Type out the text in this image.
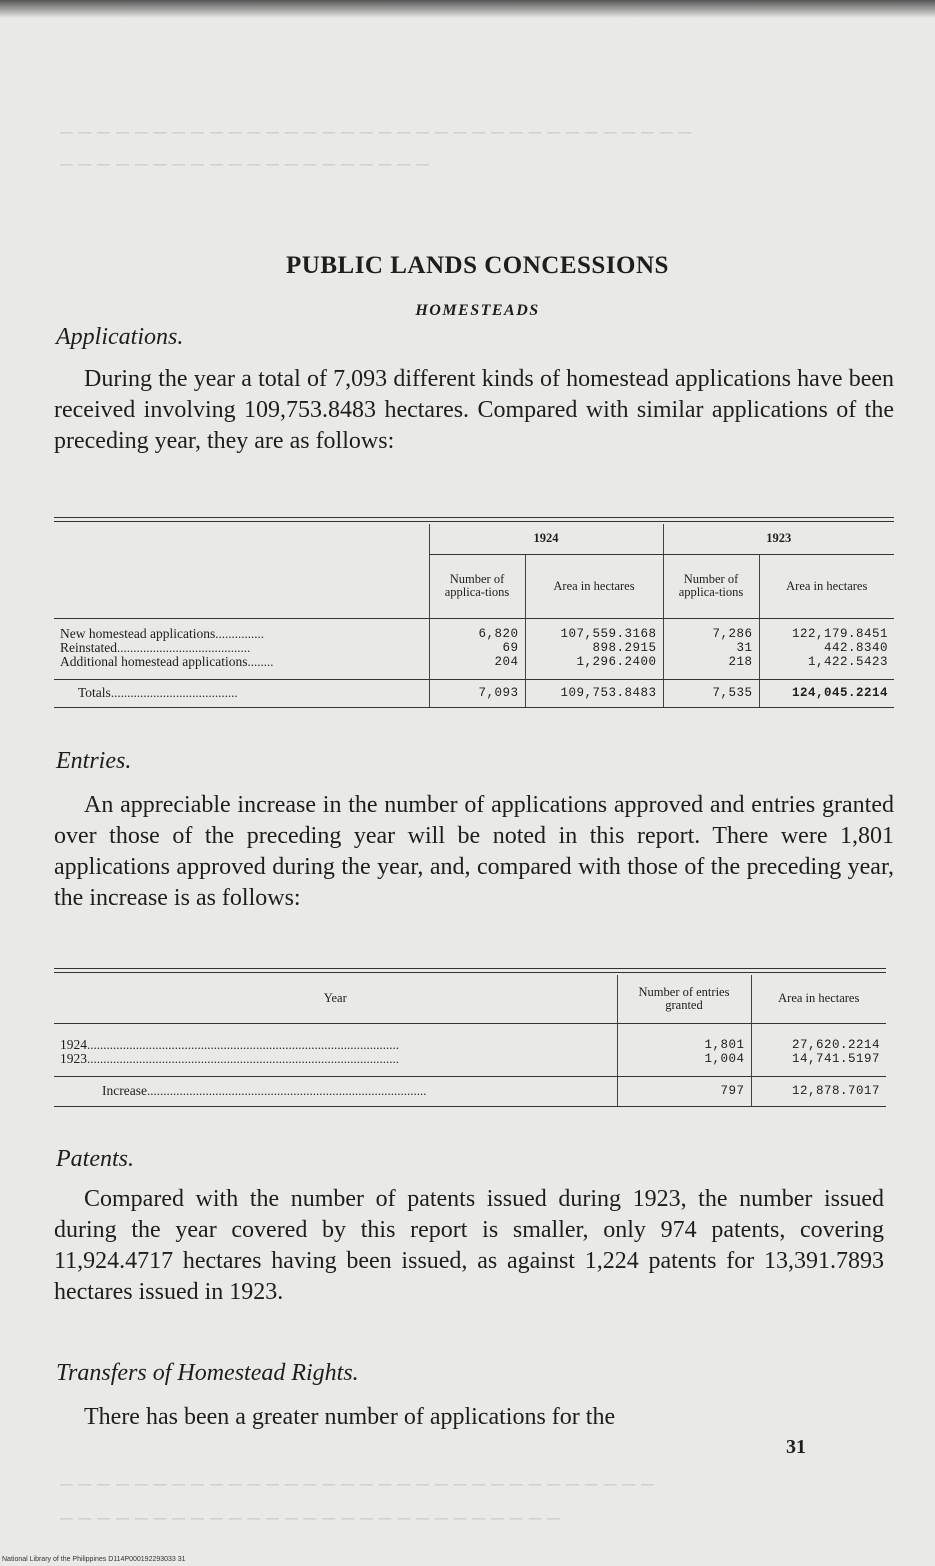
‒ ‒ ‒ ‒ ‒ ‒ ‒ ‒ ‒ ‒ ‒ ‒ ‒ ‒ ‒ ‒ ‒ ‒ ‒ ‒ ‒ ‒ ‒ ‒ ‒ ‒ ‒ ‒ ‒ ‒ ‒ ‒ ‒ ‒
‒ ‒ ‒ ‒ ‒ ‒ ‒ ‒ ‒ ‒ ‒ ‒ ‒ ‒ ‒ ‒ ‒ ‒ ‒ ‒
PUBLIC LANDS CONCESSIONS
HOMESTEADS
Applications.

During the year a total of 7,093 different kinds of homestead applications have been received involving 109,753.8483 hectares. Compared with similar applications of the preceding year, they are as follows:

	1924		1923	
	Number of applica-tions	Area in hectares	Number of applica-tions	Area in hectares
New homestead applications...............	6,820	107,559.3168	7,286	122,179.8451
Reinstated.........................................	69	898.2915	31	442.8340
Additional homestead applications........	204	1,296.2400	218	1,422.5423
Totals.......................................	7,093	109,753.8483	7,535	124,045.2214
Entries.

An appreciable increase in the number of applications approved and entries granted over those of the preceding year will be noted in this report. There were 1,801 applications approved during the year, and, compared with those of the preceding year, the increase is as follows:

Year	Number of entries granted	Area in hectares
1924................................................................................................	1,801	27,620.2214
1923................................................................................................	1,004	14,741.5197
Increase......................................................................................	797	12,878.7017
Patents.

Compared with the number of patents issued during 1923, the number issued during the year covered by this report is smaller, only 974 patents, covering 11,924.4717 hectares having been issued, as against 1,224 patents for 13,391.7893 hectares issued in 1923.

Transfers of Homestead Rights.

There has been a greater number of applications for the

‒ ‒ ‒ ‒ ‒ ‒ ‒ ‒ ‒ ‒ ‒ ‒ ‒ ‒ ‒ ‒ ‒ ‒ ‒ ‒ ‒ ‒ ‒ ‒ ‒ ‒ ‒ ‒ ‒ ‒ ‒ ‒
‒ ‒ ‒ ‒ ‒ ‒ ‒ ‒ ‒ ‒ ‒ ‒ ‒ ‒ ‒ ‒ ‒ ‒ ‒ ‒ ‒ ‒ ‒ ‒ ‒ ‒ ‒
31
National Library of the Philippines D114P000192293033 31
